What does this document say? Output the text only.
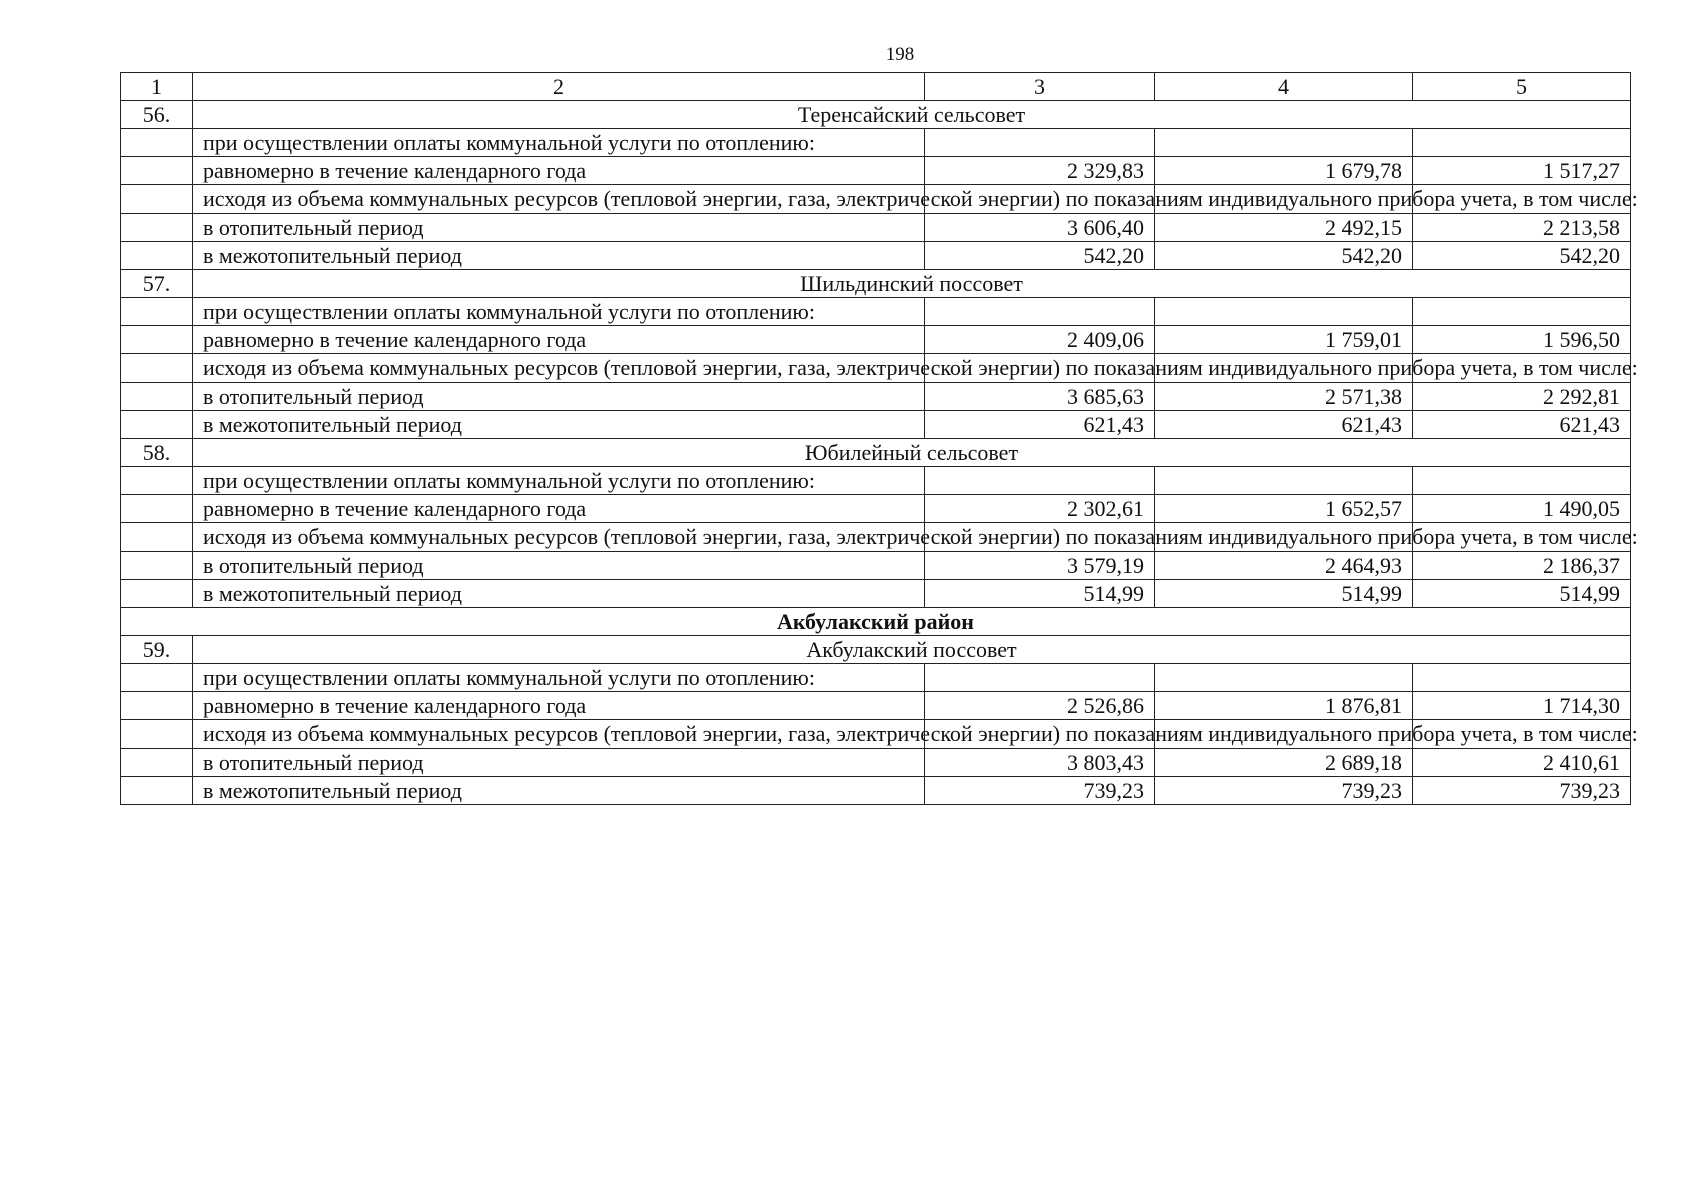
198
1	2	3	4	5
56.	Теренсайский сельсовет			
	при осуществлении оплаты коммунальной услуги по отоплению:			
	равномерно в течение календарного года	2 329,83	1 679,78	1 517,27
	исходя из объема коммунальных ресурсов (тепловой энергии, газа, электрической энергии) по показаниям индивидуального прибора учета, в том числе:			
	в отопительный период	3 606,40	2 492,15	2 213,58
	в межотопительный период	542,20	542,20	542,20
57.	Шильдинский поссовет			
	при осуществлении оплаты коммунальной услуги по отоплению:			
	равномерно в течение календарного года	2 409,06	1 759,01	1 596,50
	исходя из объема коммунальных ресурсов (тепловой энергии, газа, электрической энергии) по показаниям индивидуального прибора учета, в том числе:			
	в отопительный период	3 685,63	2 571,38	2 292,81
	в межотопительный период	621,43	621,43	621,43
58.	Юбилейный сельсовет			
	при осуществлении оплаты коммунальной услуги по отоплению:			
	равномерно в течение календарного года	2 302,61	1 652,57	1 490,05
	исходя из объема коммунальных ресурсов (тепловой энергии, газа, электрической энергии) по показаниям индивидуального прибора учета, в том числе:			
	в отопительный период	3 579,19	2 464,93	2 186,37
	в межотопительный период	514,99	514,99	514,99
Акбулакский район				
59.	Акбулакский поссовет			
	при осуществлении оплаты коммунальной услуги по отоплению:			
	равномерно в течение календарного года	2 526,86	1 876,81	1 714,30
	исходя из объема коммунальных ресурсов (тепловой энергии, газа, электрической энергии) по показаниям индивидуального прибора учета, в том числе:			
	в отопительный период	3 803,43	2 689,18	2 410,61
	в межотопительный период	739,23	739,23	739,23
